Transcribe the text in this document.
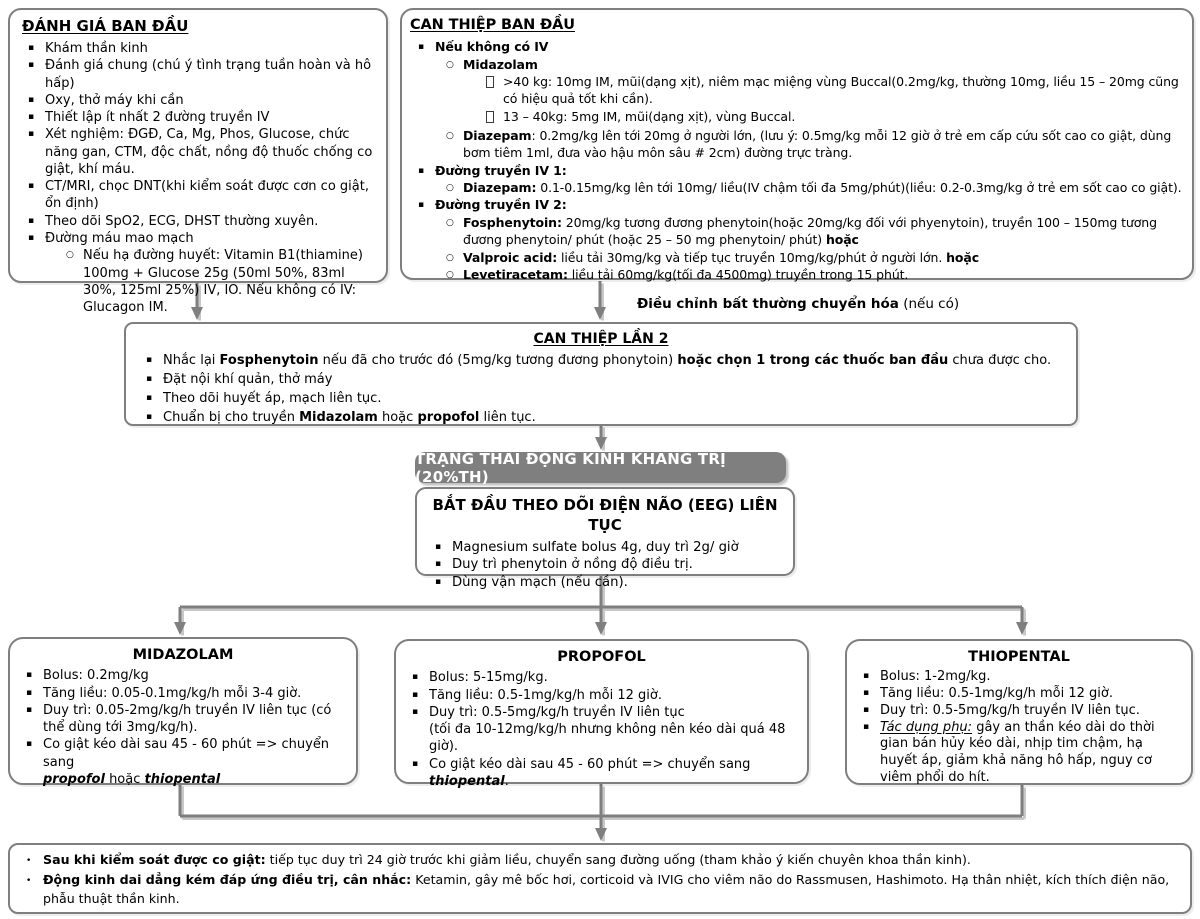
ĐÁNH GIÁ BAN ĐẦU
▪
Khám thần kinh
▪
Đánh giá chung (chú ý tình trạng tuần hoàn và hô hấp)
▪
Oxy, thở máy khi cần
▪
Thiết lập ít nhất 2 đường truyền IV
▪
Xét nghiệm: ĐGĐ, Ca, Mg, Phos, Glucose, chức năng gan, CTM, độc chất, nồng độ thuốc chống co giật, khí máu.
▪
CT/MRI, chọc DNT(khi kiểm soát được cơn co giật, ổn định)
▪
Theo dõi SpO2, ECG, DHST thường xuyên.
▪
Đường máu mao mạch
○
Nếu hạ đường huyết: Vitamin B1(thiamine) 100mg + Glucose 25g (50ml 50%, 83ml 30%, 125ml 25%) IV, IO. Nếu không có IV: Glucagon IM.
CAN THIỆP BAN ĐẦU
▪
Nếu không có IV
○
Midazolam
>40 kg: 10mg IM, mũi(dạng xịt), niêm mạc miệng vùng Buccal(0.2mg/kg, thường 10mg, liều 15 – 20mg cũng có hiệu quả tốt khi cần).
13 – 40kg: 5mg IM, mũi(dạng xịt), vùng Buccal.
○
Diazepam: 0.2mg/kg lên tới 20mg ở người lớn, (lưu ý: 0.5mg/kg mỗi 12 giờ ở trẻ em cấp cứu sốt cao co giật, dùng bơm tiêm 1ml, đưa vào hậu môn sâu # 2cm) đường trực tràng.
▪
Đường truyền IV 1:
○
Diazepam: 0.1-0.15mg/kg lên tới 10mg/ liều(IV chậm tối đa 5mg/phút)(liều: 0.2-0.3mg/kg ở trẻ em sốt cao co giật).
▪
Đường truyền IV 2:
○
Fosphenytoin: 20mg/kg tương đương phenytoin(hoặc 20mg/kg đối với phyenytoin), truyền 100 – 150mg tương đương phenytoin/ phút (hoặc 25 – 50 mg phenytoin/ phút) hoặc
○
Valproic acid: liều tải 30mg/kg và tiếp tục truyền 10mg/kg/phút ở người lớn. hoặc
○
Levetiracetam: liều tải 60mg/kg(tối đa 4500mg) truyền trong 15 phút.
Điều chỉnh bất thường chuyển hóa (nếu có)
CAN THIỆP LẦN 2
▪
Nhắc lại Fosphenytoin nếu đã cho trước đó (5mg/kg tương đương phonytoin) hoặc chọn 1 trong các thuốc ban đầu chưa được cho.
▪
Đặt nội khí quản, thở máy
▪
Theo dõi huyết áp, mạch liên tục.
▪
Chuẩn bị cho truyền Midazolam hoặc propofol liên tục.
TRẠNG THÁI ĐỘNG KINH KHÁNG TRỊ (20%TH)
BẮT ĐẦU THEO DÕI ĐIỆN NÃO (EEG) LIÊN TỤC
▪
Magnesium sulfate bolus 4g, duy trì 2g/ giờ
▪
Duy trì phenytoin ở nồng độ điều trị.
▪
Dùng vận mạch (nếu cần).
MIDAZOLAM
▪
Bolus: 0.2mg/kg
▪
Tăng liều: 0.05-0.1mg/kg/h mỗi 3-4 giờ.
▪
Duy trì: 0.05-2mg/kg/h truyền IV liên tục (có thể dùng tới 3mg/kg/h).
▪
Co giật kéo dài sau 45 - 60 phút => chuyển sang
propofol hoặc thiopental
PROPOFOL
▪
Bolus: 5-15mg/kg.
▪
Tăng liều: 0.5-1mg/kg/h mỗi 12 giờ.
▪
Duy trì: 0.5-5mg/kg/h truyền IV liên tục
(tối đa 10-12mg/kg/h nhưng không nên kéo dài quá 48 giờ).
▪
Co giật kéo dài sau 45 - 60 phút => chuyển sang
thiopental.
THIOPENTAL
▪
Bolus: 1-2mg/kg.
▪
Tăng liều: 0.5-1mg/kg/h mỗi 12 giờ.
▪
Duy trì: 0.5-5mg/kg/h truyền IV liên tục.
▪
Tác dụng phụ: gây an thần kéo dài do thời gian bán hủy kéo dài, nhịp tim chậm, hạ huyết áp, giảm khả năng hô hấp, nguy cơ viêm phổi do hít.
•
Sau khi kiểm soát được co giật: tiếp tục duy trì 24 giờ trước khi giảm liều, chuyển sang đường uống (tham khảo ý kiến chuyên khoa thần kinh).
•
Động kinh dai dẳng kém đáp ứng điều trị, cân nhắc: Ketamin, gây mê bốc hơi, corticoid và IVIG cho viêm não do Rassmusen, Hashimoto. Hạ thân nhiệt, kích thích điện não, phẫu thuật thần kinh.
